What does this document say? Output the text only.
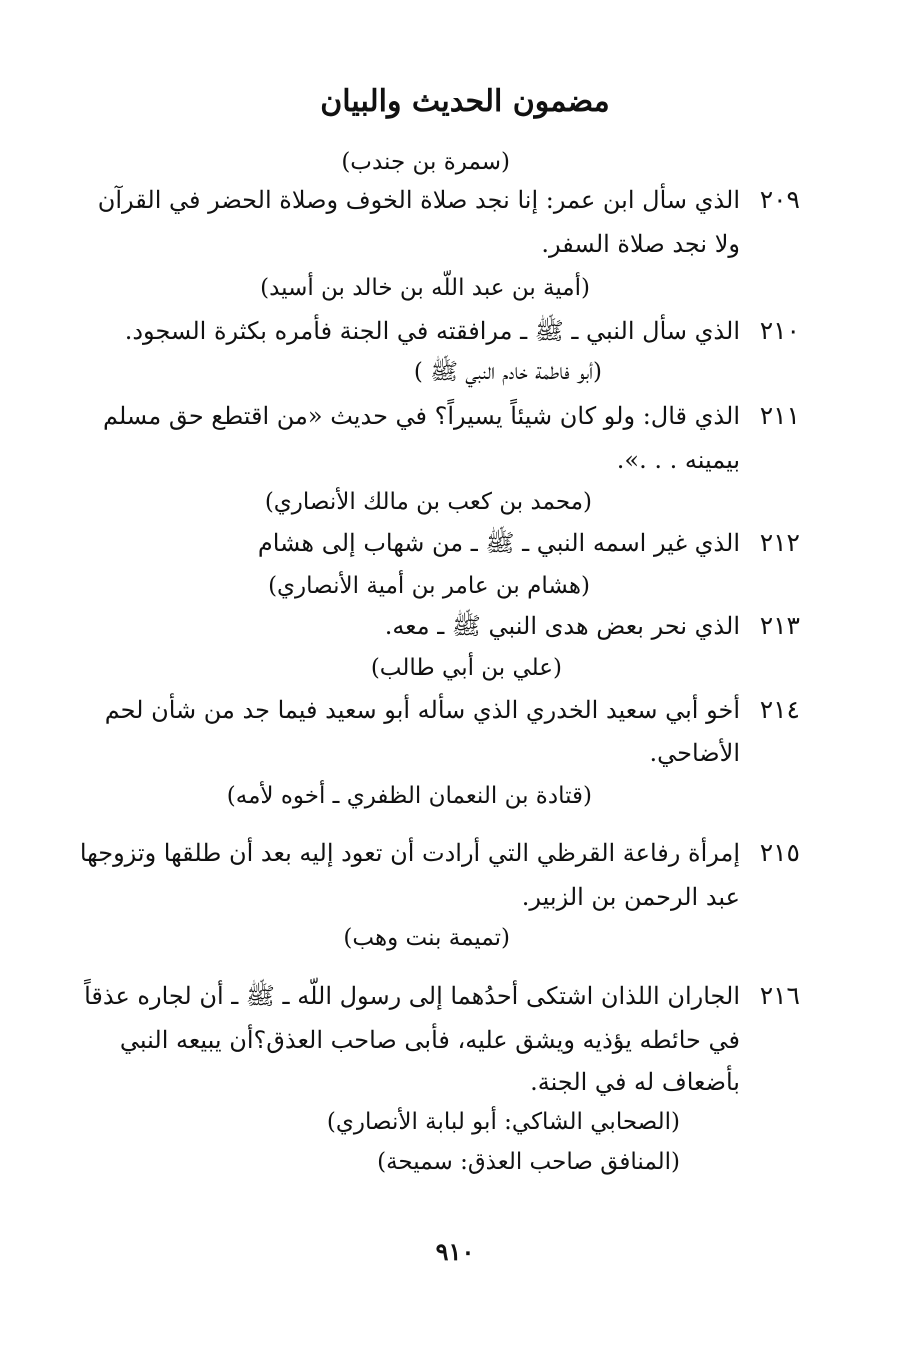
مضمون الحديث والبيان
(سمرة بن جندب)
٢٠٩
الذي سأل ابن عمر: إنا نجد صلاة الخوف وصلاة الحضر في القرآن
ولا نجد صلاة السفر.
(أمية بن عبد اللّه بن خالد بن أسيد)
٢١٠
الذي سأل النبي ـ ﷺ ـ مرافقته في الجنة فأمره بكثرة السجود.
(أبو فاطمة خادم النبي ﷺ )
٢١١
الذي قال: ولو كان شيئاً يسيراً؟ في حديث «من اقتطع حق مسلم
بيمينه . . .».
(محمد بن كعب بن مالك الأنصاري)
٢١٢
الذي غير اسمه النبي ـ ﷺ ـ من شهاب إلى هشام
(هشام بن عامر بن أمية الأنصاري)
٢١٣
الذي نحر بعض هدى النبي ﷺ ـ معه.
(علي بن أبي طالب)
٢١٤
أخو أبي سعيد الخدري الذي سأله أبو سعيد فيما جد من شأن لحم
الأضاحي.
(قتادة بن النعمان الظفري ـ أخوه لأمه)
٢١٥
إمرأة رفاعة القرظي التي أرادت أن تعود إليه بعد أن طلقها وتزوجها
عبد الرحمن بن الزبير.
(تميمة بنت وهب)
٢١٦
الجاران اللذان اشتكى أحدُهما إلى رسول اللّه ـ ﷺ ـ أن لجاره عذقاً
في حائطه يؤذيه ويشق عليه، فأبى صاحب العذق؟أن يبيعه النبي
بأضعاف له في الجنة.
(الصحابي الشاكي: أبو لبابة الأنصاري)
(المنافق صاحب العذق: سميحة)
٩١٠
